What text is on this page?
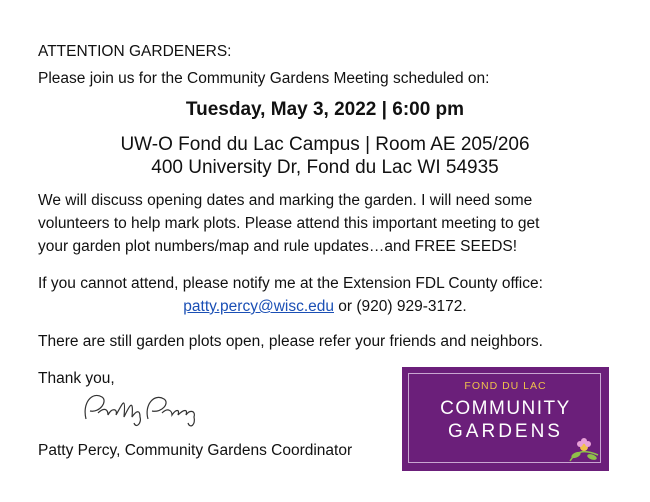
ATTENTION GARDENERS:
Please join us for the Community Gardens Meeting scheduled on:
Tuesday, May 3, 2022 | 6:00 pm
UW-O Fond du Lac Campus | Room AE 205/206
400 University Dr, Fond du Lac WI 54935
We will discuss opening dates and marking the garden. I will need some
volunteers to help mark plots. Please attend this important meeting to get
your garden plot numbers/map and rule updates…and FREE SEEDS!
If you cannot attend, please notify me at the Extension FDL County office:
patty.percy@wisc.edu or (920) 929-3172.
There are still garden plots open, please refer your friends and neighbors.
Thank you,
Patty Percy, Community Gardens Coordinator
FOND DU LAC
COMMUNITY
GARDENS
